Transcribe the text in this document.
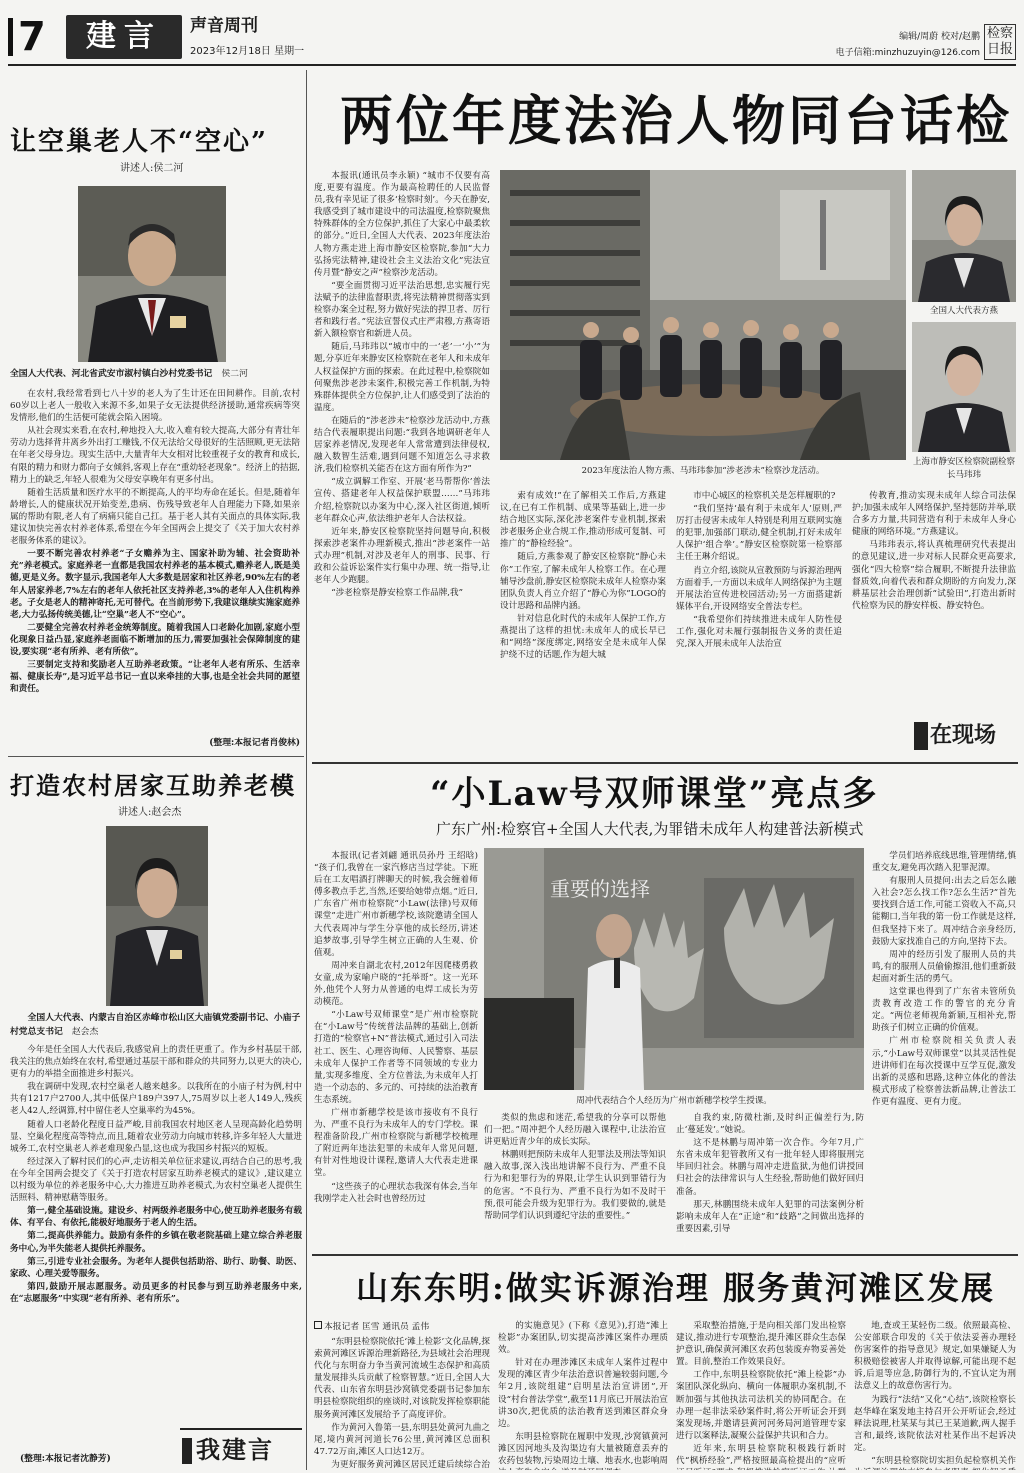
7	建言	声音周刊
2023年12月18日 星期一
编辑/周蔚 校对/赵鹏
电子信箱:minzhuzuyin@126.com
检察日报
让空巢老人不“空心”
讲述人:侯二河
全国人大代表、河北省武安市淑村镇白沙村党委书记 侯二河

在农村,我经常看到七八十岁的老人为了生计还在田间耕作。目前,农村60岁以上老人一般收入来源不多,如果子女无法提供经济援助,通常疾病等突发情形,他们的生活便可能就会陷入困境。

从社会现实来看,在农村,种地投入大,收入难有较大提高,大部分有青壮年劳动力选择背井离乡外出打工赚钱,不仅无法给父母很好的生活照顾,更无法陪在年老父母身边。现实生活中,大量青年大女相对比较重视子女的教育和成长,有限的精力和财力都向子女倾斜,客观上存在“重幼轻老现象”。经济上的拮据,精力上的缺乏,年轻人很难为父母安享晚年有更多付出。

随着生活质量和医疗水平的不断提高,人的平均寿命在延长。但是,随着年龄增长,人的健康状况开始变差,患病、伤残导致老年人自理能力下降,如果亲属的帮助有限,老人有了病痛只能自己扛。基于老人其有关面点的具体实际,我建议加快完善农村养老体系,希望在今年全国两会上提交了《关于加大农村养老服务体系的建议》。

一要不断完善农村养老“子女赡养为主、国家补助为辅、社会资助补充”养老模式。家庭养老一直都是我国农村养老的基本模式,赡养老人,既是美德,更是义务。数字显示,我国老年人大多数是居家和社区养老,90%左右的老年人居家养老,7%左右的老年人依托社区支持养老,3%的老年人入住机构养老。子女是老人的精神寄托,无可替代。在当前形势下,我建议继续实施家庭养老,大力弘扬传统美德,让“空巢”老人不“空心”。

二要健全完善农村养老金统筹制度。随着我国人口老龄化加剧,家庭小型化现象日益凸显,家庭养老面临不断增加的压力,需要加强社会保障制度的建设,要实现“老有所养、老有所依”。

三要制定支持和奖励老人互助养老政策。“让老年人老有所乐、生活幸福、健康长寿”,是习近平总书记一直以来牵挂的大事,也是全社会共同的愿望和责任。

(整理:本报记者肖俊林)
打造农村居家互助养老模
讲述人:赵会杰
全国人大代表、内蒙古自治区赤峰市松山区大庙镇党委副书记、小庙子村党总支书记 赵会杰

今年是任全国人大代表后,我感觉肩上的责任更重了。作为乡村基层干部,我关注的焦点始终在农村,希望通过基层干部和群众的共同努力,以更大的决心,更有力的举措全面推进乡村振兴。

我在调研中发现,农村空巢老人越来越多。以我所在的小庙子村为例,村中共有1217户2700人,其中低保户189户397人,75周岁以上老人149人,残疾老人42人,经调算,村中留住老人空巢率约为45%。

随着人口老龄化程度日益严峻,目前我国农村地区老人呈现高龄化趋势明显、空巢化程度高等特点,而且,随着农业劳动力向城市转移,许多年轻人大量进城务工,农村空巢老人养老难现象凸显,这也成为我国乡村振兴的短板。

经过深入了解村民们的心声,走访相关单位征求建议,再结合自己的思考,我在今年全国两会提交了《关于打造农村居家互助养老模式的建议》,建议建立以村级为单位的养老服务中心,大力推进互助养老模式,为农村空巢老人提供生活照料、精神慰藉等服务。

第一,健全基础设施。建设乡、村两级养老服务中心,使互助养老服务有载体、有平台、有依托,能极好地服务于老人的生活。

第二,提高供养能力。鼓励有条件的乡镇在敬老院基础上建立综合养老服务中心,为半失能老人提供托养服务。

第三,引进专业社会服务。为老年人提供包括助浴、助行、助餐、助医、家政、心理关爱等服务。

第四,鼓励开展志愿服务。动员更多的村民参与到互助养老服务中来,在“志愿服务”中实现“老有所养、老有所乐”。

(整理:本报记者沈静芳)	我建言
两位年度法治人物同台话检

本报讯(通讯员李永颖) “城市不仅要有高度,更要有温度。作为最高检聘任的人民监督员,我有幸见证了很多‘检察时刻’。今天在静安,我感受到了城市建设中的司法温度,检察院聚焦特殊群体的全方位保护,抓住了大家心中最柔软的部分。”近日,全国人大代表、2023年度法治人物方燕走进上海市静安区检察院,参加“大力弘扬宪法精神,建设社会主义法治文化”宪法宣传月暨“静安之声”检察沙龙活动。

“要全面贯彻习近平法治思想,忠实履行宪法赋予的法律监督职责,将宪法精神贯彻落实到检察办案全过程,努力做好宪法的捍卫者、厉行者和践行者。”宪法宣誓仪式庄严肃穆,方燕寄语新入额检察官和新进人员。

随后,马玮玮以“城市中的一‘老’一‘小’”为题,分享近年来静安区检察院在老年人和未成年人权益保护方面的探索。在此过程中,检察院如何聚焦涉老涉未案件,积极完善工作机制,为特殊群体提供全方位保护,让人们感受到了法治的温度。

在随后的“涉老涉未”检察沙龙活动中,方燕结合代表履职提出问题:“我到各地调研老年人居家养老情况,发现老年人常常遭到法律侵权,融入数智生活难,遇到问题不知道怎么寻求救济,我们检察机关能否在这方面有所作为?”

“成立调解工作室、开展‘老马帮帮你’普法宣传、搭建老年人权益保护联盟……”马玮玮介绍,检察院以办案为中心,深入社区街道,倾听老年群众心声,依法维护老年人合法权益。

近年来,静安区检察院坚持问题导向,积极探索涉老案件办理新模式,推出“涉老案件一站式办理”机制,对涉及老年人的刑事、民事、行政和公益诉讼案件实行集中办理、统一指导,让老年人少跑腿。

“涉老检察是静安检察工作品牌,我”

2023年度法治人物方燕、马玮玮参加“涉老涉未”检察沙龙活动。
全国人大代表方燕
上海市静安区检察院副检察长马玮玮

索有成效!”在了解相关工作后,方燕建议,在已有工作机制、成果等基础上,进一步结合地区实际,深化涉老案件专业机制,探索涉老服务企业合规工作,推动形成可复制、可推广的“静检经验”。

随后,方燕参观了静安区检察院“静心未你”工作室,了解未成年人检察工作。在心理辅导沙盘前,静安区检察院未成年人检察办案团队负责人肖立介绍了“静心为你”LOGO的设计思路和品牌内涵。

针对信息化时代的未成年人保护工作,方燕提出了这样的担忧:未成年人的成长早已和“网络”深度绑定,网络安全是未成年人保护绕不过的话题,作为超大城

市中心城区的检察机关是怎样履职的?

“我们坚持‘最有利于未成年人’原则,严厉打击侵害未成年人特别是利用互联网实施的犯罪,加强部门联动,健全机制,打好未成年人保护‘组合拳’。”静安区检察院第一检察部主任王琳介绍说。

肖立介绍,该院从宣教预防与诉源治理两方面着手,一方面以未成年人网络保护为主题开展法治宣传进校园活动;另一方面搭建新媒体平台,开设网络安全普法专栏。

“我希望你们持续推进未成年人防性侵工作,强化对未履行强制报告义务的责任追究,深入开展未成年人法治宣

传教育,推动实现未成年人综合司法保护;加强未成年人网络保护,坚持惩防并举,联合多方力量,共同营造有利于未成年人身心健康的网络环境。”方燕建议。

马玮玮表示,将认真梳理研究代表提出的意见建议,进一步对标人民群众更高要求,强化“四大检察”综合履职,不断提升法律监督质效,向着代表和群众期盼的方向发力,深耕基层社会治理创新“试验田”,打造出新时代检察为民的静安样板、静安特色。

在现场
“小Law号双师课堂”亮点多
广东广州:检察官+全国人大代表,为罪错未成年人构建普法新模式

本报讯(记者刘翩 通讯员孙丹 王绍晗) “孩子们,我曾在一家汽修店当过学徒。下班后在工友唱酒打牌聊天的时候,我会缠着师傅多教点手艺,当然,还要给她带点烟。”近日,广东省广州市检察院“小Law(法律)号双师课堂”走进广州市新穗学校,该院邀请全国人大代表周冲与学生分享他的成长经历,讲述追梦故事,引导学生树立正确的人生观、价值观。

周冲来自湖北农村,2012年因爬楼勇救女童,成为家喻户晓的“托举哥”。这一光环外,他凭个人努力从普通的电焊工成长为劳动模范。

“小Law号双师课堂”是广州市检察院在“小Law号”传统普法品牌的基础上,创新打造的“检察官+N”普法模式,通过引入司法社工、医生、心理咨询师、人民警察、基层未成年人保护工作者等不同领域的专业力量,实现多维度、全方位普法,为未成年人打造一个动态的、多元的、可持续的法治教育生态系统。

广州市新穗学校是该市接收有不良行为、严重不良行为未成年人的专门学校。课程准备阶段,广州市检察院与新穗学校梳理了附近两年违法犯罪的未成年人常见问题,有针对性地设计课程,邀请人大代表走进课堂。

“这些孩子的心理状态我深有体会,当年我刚学走入社会时也曾经历过

重要的选择
周冲代表结合个人经历为广州市新穗学校学生授课。

类似的焦虑和迷茫,希望我的分享可以帮他们一把。”周冲把个人经历融入课程中,让法治宣讲更贴近青少年的成长实际。

林鹏则把预防未成年人犯罪法及刑法等知识融入故事,深入浅出地讲解不良行为、严重不良行为和犯罪行为的界限,让学生认识到罪错行为的危害。“不良行为、严重不良行为如不及时干预,很可能会升级为犯罪行为。我们要做的,就是帮助同学们认识到遵纪守法的重要性。”

自我约束,防微杜渐,及时纠正偏差行为,防止‘蔓延发’。”她说。

这不是林鹏与周冲第一次合作。今年7月,广东省未成年犯管教所又有一批年轻人即将服刑完毕回归社会。林鹏与周冲走进监狱,为他们讲授回归社会的法律常识与人生经验,帮助他们做好回归准备。

那天,林鹏围绕未成年人犯罪的司法案例分析影响未成年人在“正途”和“歧路”之间做出选择的重要因素,引导

学员们培养底线思维,管理情绪,慎重交友,避免再次踏入犯罪泥潭。

有服刑人员提问:出去之后怎么融入社会?怎么找工作?怎么生活?”首先要找到合适工作,可能工资收入不高,只能糊口,当年我的第一份工作就是这样,但我坚持下来了。周冲结合亲身经历,鼓励大家找准自己的方向,坚持下去。

周冲的经历引发了服刑人员的共鸣,有的服刑人员偷偷擦泪,他们重新鼓起面对新生活的勇气。

这堂课也得到了广东省未管所负责教育改造工作的警官的充分肯定。“两位老师视角新颖,互相补充,帮助孩子们树立正确的价值观。

广州市检察院相关负责人表示,“小Law号双师课堂”以其灵活性促进讲师们在每次授课中互学互促,激发出新的灵感和思路,这种立体化的普法模式形成了检察普法新品牌,让普法工作更有温度、更有力度。

山东东明:做实诉源治理 服务黄河滩区发展
本报记者 匡雪 通讯员 孟伟

“东明县检察院依托‘滩上检影’文化品牌,探索黄河滩区诉源治理新路径,为县域社会治理现代化与东明奋力争当黄河流域生态保护和高质量发展排头兵贡献了检察智慧。”近日,全国人大代表、山东省东明县沙窝镇党委副书记参加东明县检察院组织的座谈时,对该院发挥检察职能服务黄河滩区发展给予了高度评价。

作为黄河入鲁第一县,东明县处黄河九曲之尾,境内黄河河道长76公里,黄河滩区总面积47.72万亩,滩区人口达12万。

为更好服务黄河滩区居民迁建后续综合治

的实施意见》(下称《意见》),打造“滩上检影”办案团队,切实提高涉滩区案件办理质效。

针对在办理涉滩区未成年人案件过程中发现的滩区青少年法治意识普遍较弱问题,今年2月,该院组建“启明星法治宣讲团”,开设“村台普法学堂”,截至11月底已开展法治宣讲30次,把优质的法治教育送到滩区群众身边。

东明县检察院在履职中发现,沙窝镇黄河滩区因河地头及沟渠边有大量被随意丢弃的农药包装物,污染周边土壤、地表水,也影响周

采取整治措施,于是向相关部门发出检察建议,推动进行专项整治,提升滩区群众生态保护意识,确保黄河滩区农药包装废弃物妥善处置。目前,整治工作效果良好。

工作中,东明县检察院依托“滩上检影”办案团队深化纵向、横向一体履职办案机制,不断加强与其他执法司法机关的协同配合。在办理一起非法采砂案件时,将公开听证会开到案发现场,并邀请县黄河河务局河道管理专家进行以案释法,凝聚公益保护共识和合力。

近年来,东明县检察院积极践行新时代“枫桥经验”,严格按照最高检提出的“应听

地,查或王某轻伤二级。依照最高检、公安部联合印发的《关于依法妥善办理轻伤害案件的指导意见》规定,如果嫌疑人为积极赔偿被害人并取得谅解,可能出现不起诉,后退等应急,防御行为的,不宜认定为刑法意义上的故意伤害行为。

为践行“法结”又化“心结”,该院检察长赵华峰在案发地主持召开公开听证会,经过释法说理,杜某某与其已王某道歉,两人握手言和,最终,该院依法对杜某作出不起诉决定。

“东明县检察院切实担负起检察机关作
